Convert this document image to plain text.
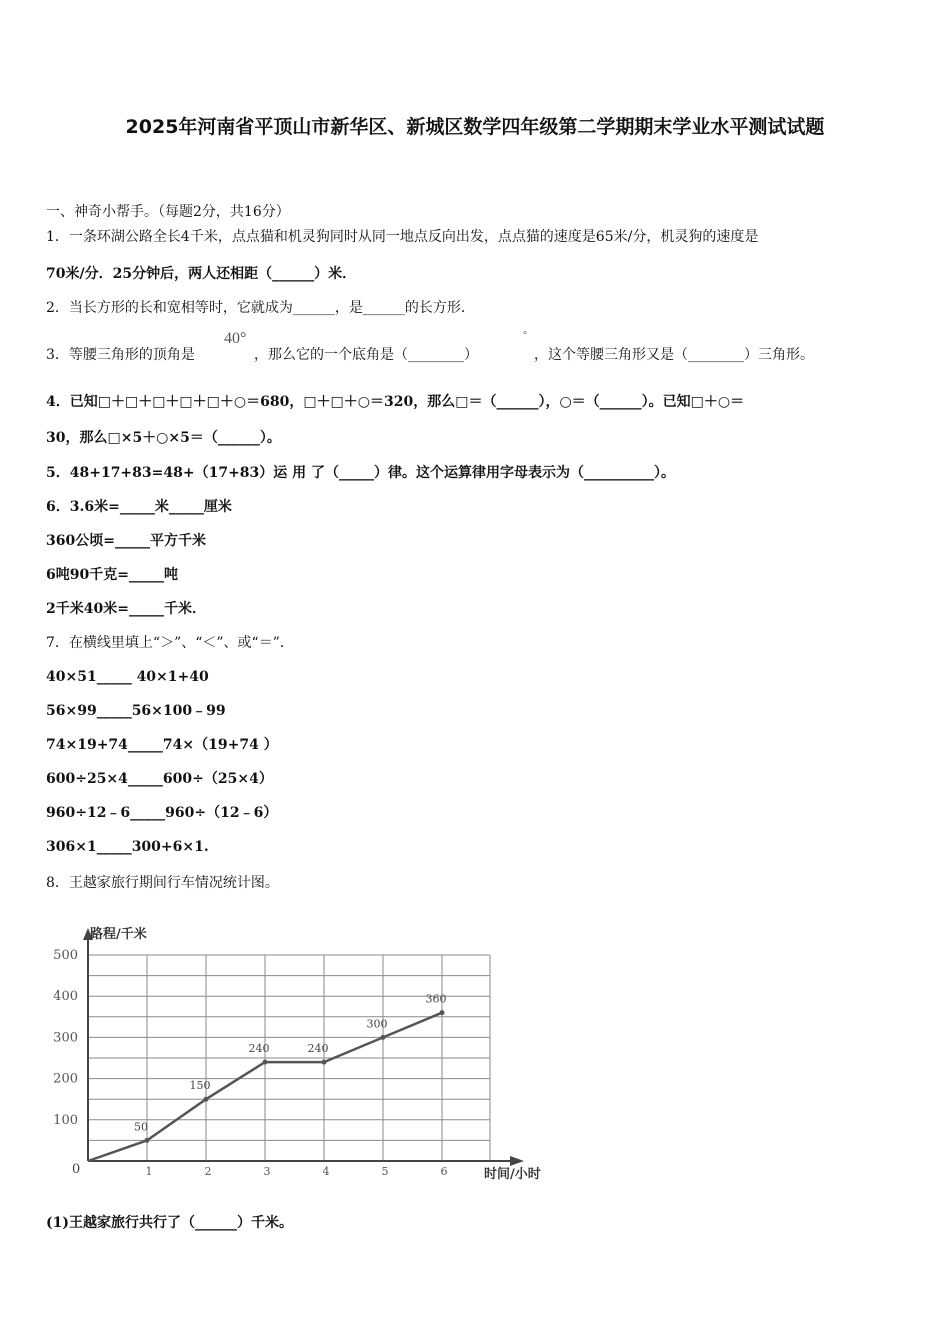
2025年河南省平顶山市新华区、新城区数学四年级第二学期期末学业水平测试试题
一、神奇小帮手。（每题2分，共16分）
1．一条环湖公路全长4千米，点点猫和机灵狗同时从同一地点反向出发，点点猫的速度是65米/分，机灵狗的速度是
70米/分．25分钟后，两人还相距（______）米．
2．当长方形的长和宽相等时，它就成为______，是______的长方形．
3．等腰三角形的顶角是
40°
，那么它的一个底角是（________）
°
，这个等腰三角形又是（________）三角形。
4．已知□＋□＋□＋□＋□＋○＝680，□＋□＋○＝320，那么□＝（______），○＝（______）。已知□＋○＝
30，那么□×5＋○×5＝（______）。
5．48+17+83=48+（17+83）运 用 了（_____）律。这个运算律用字母表示为（__________）。
6．3.6米=_____米_____厘米
360公顷=_____平方千米
6吨90千克=_____吨
2千米40米=_____千米．
7．在横线里填上“＞”、“＜”、或“＝”．
40×51_____ 40×1+40
56×99_____56×100﹣99
74×19+74_____74×（19+74 ）
600÷25×4_____600÷（25×4）
960÷12﹣6_____960÷（12﹣6）
306×1_____300+6×1.
8．王越家旅行期间行车情况统计图。
路程/千米
时间/小时
0
100
200
300
400
500
1	2	3	4	5	6
50
150
240	240
300
360
(1)王越家旅行共行了（______）千米。
